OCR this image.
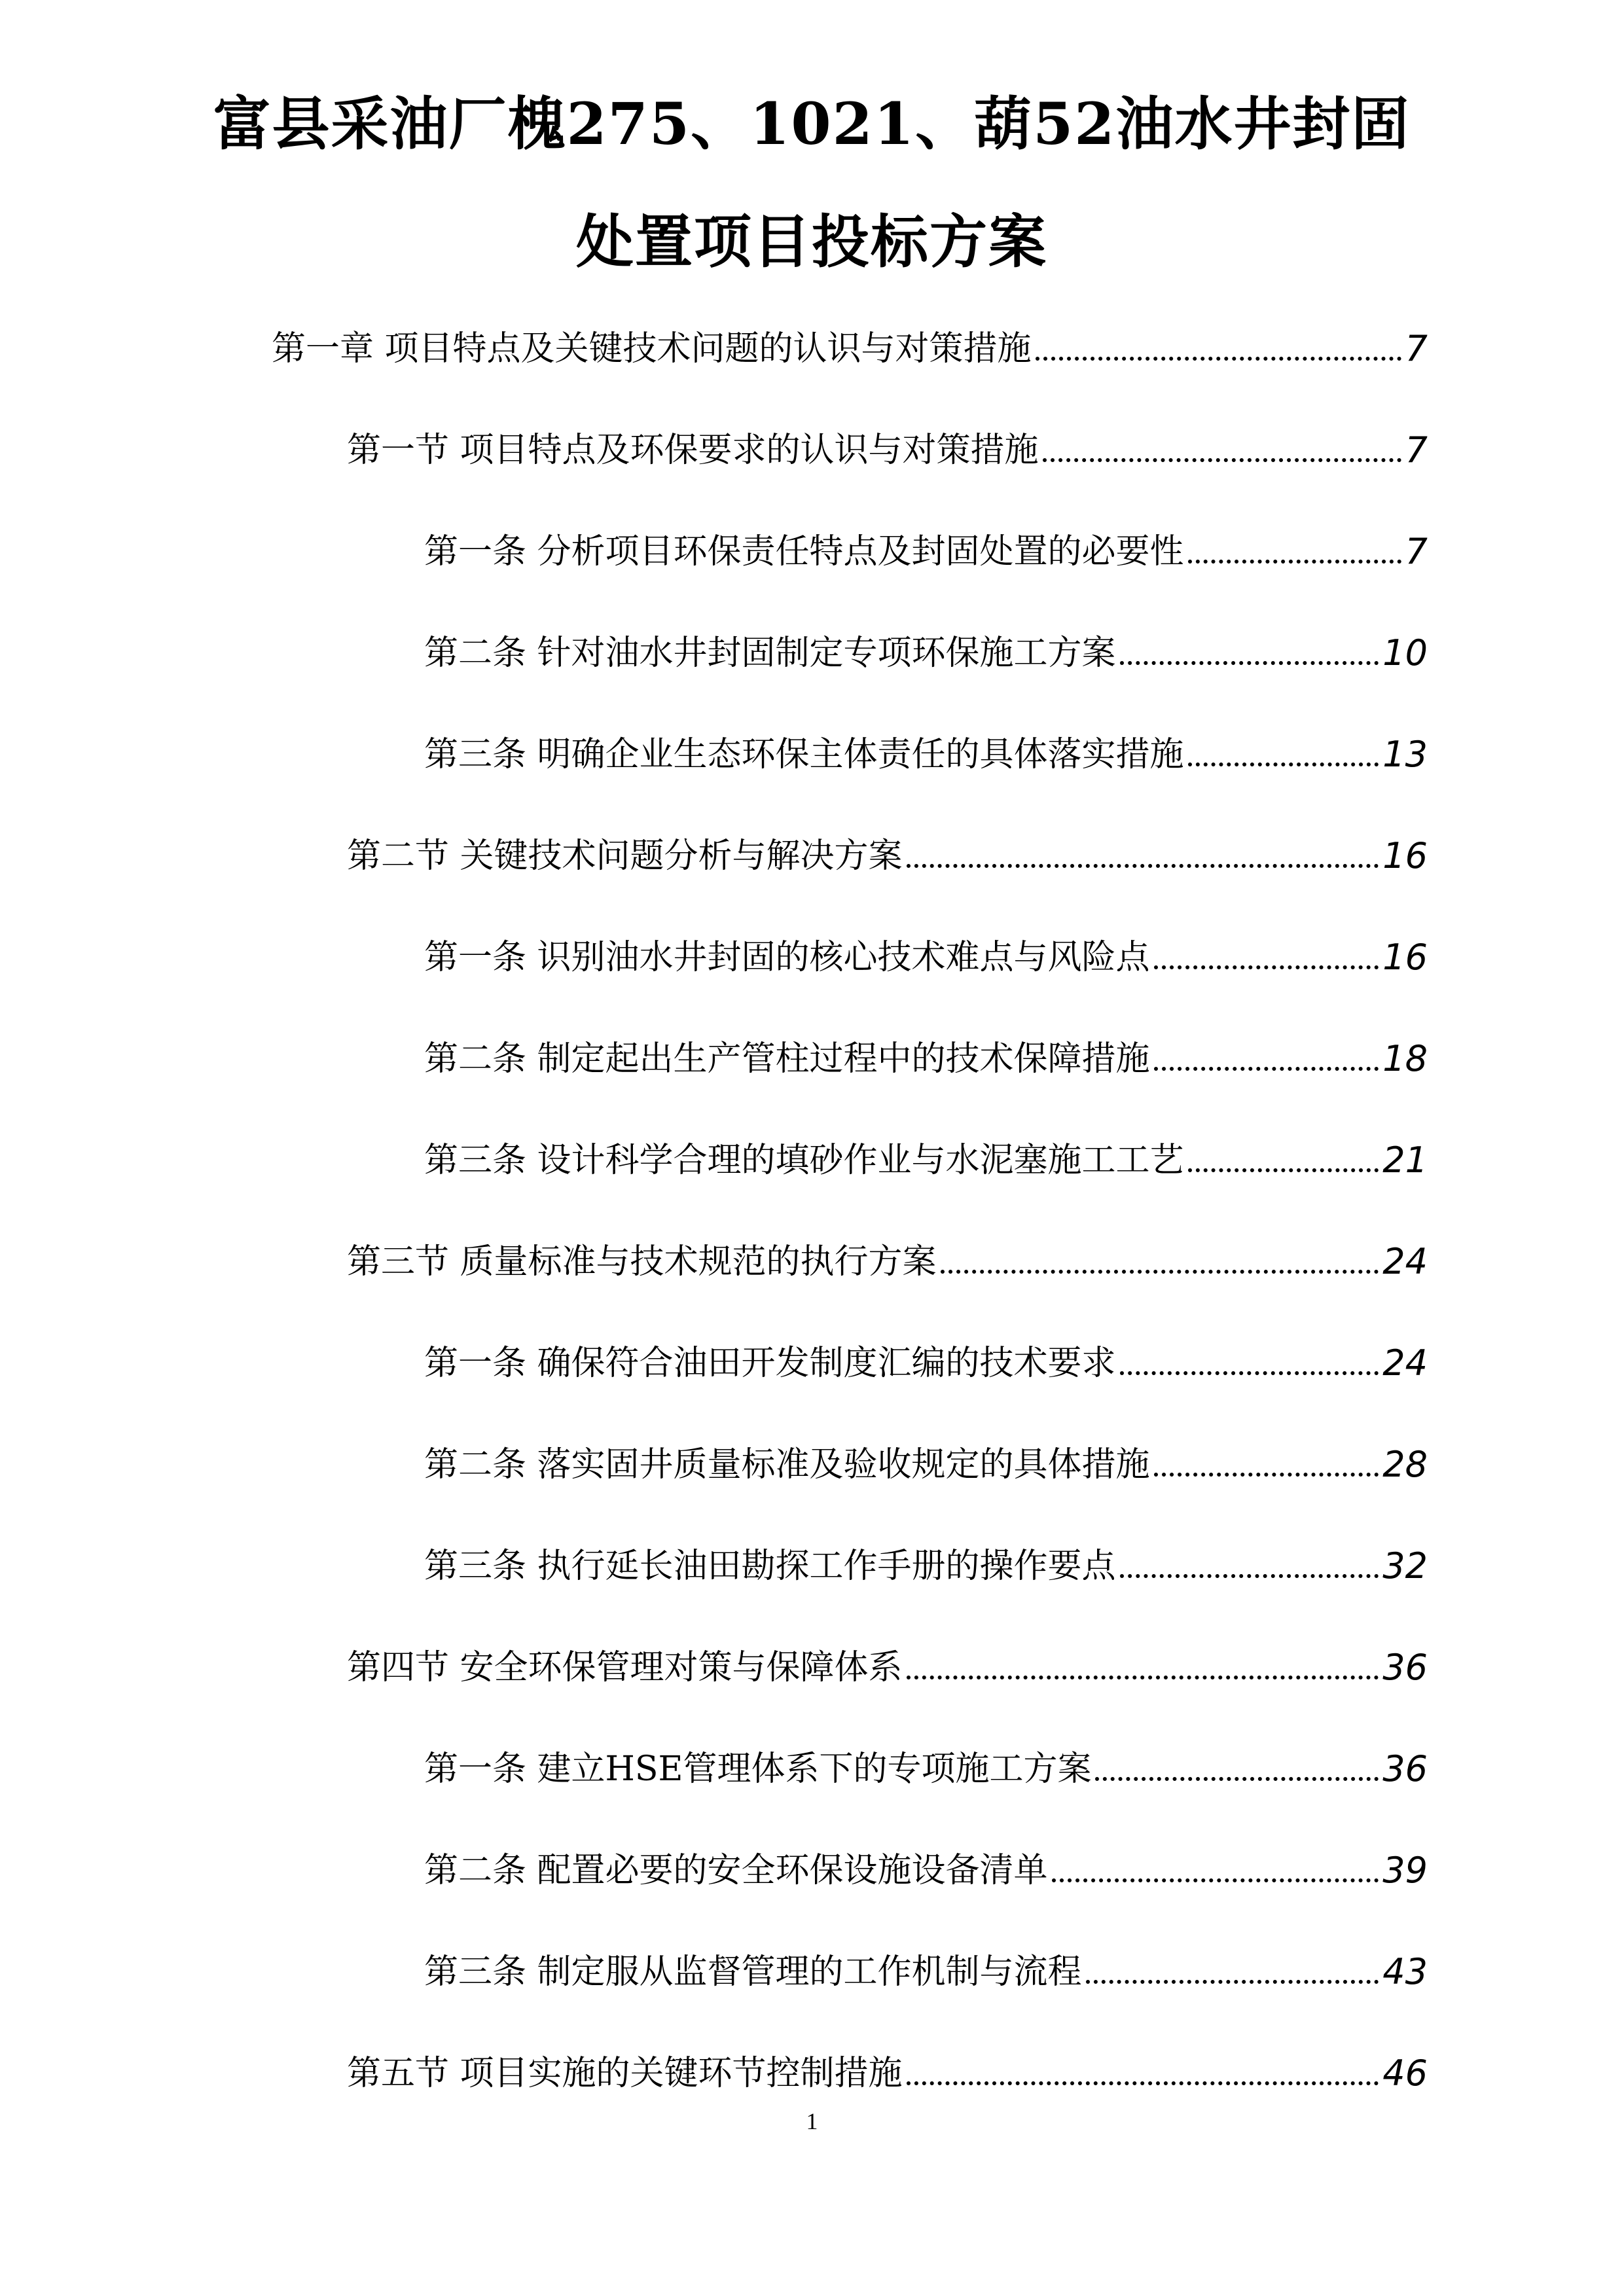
富县采油厂槐275、1021、葫52油水井封固
处置项目投标方案
第一章 项目特点及关键技术问题的认识与对策措施	7
第一节 项目特点及环保要求的认识与对策措施	7
第一条 分析项目环保责任特点及封固处置的必要性	7
第二条 针对油水井封固制定专项环保施工方案	10
第三条 明确企业生态环保主体责任的具体落实措施	13
第二节 关键技术问题分析与解决方案	16
第一条 识别油水井封固的核心技术难点与风险点	16
第二条 制定起出生产管柱过程中的技术保障措施	18
第三条 设计科学合理的填砂作业与水泥塞施工工艺	21
第三节 质量标准与技术规范的执行方案	24
第一条 确保符合油田开发制度汇编的技术要求	24
第二条 落实固井质量标准及验收规定的具体措施	28
第三条 执行延长油田勘探工作手册的操作要点	32
第四节 安全环保管理对策与保障体系	36
第一条 建立HSE管理体系下的专项施工方案	36
第二条 配置必要的安全环保设施设备清单	39
第三条 制定服从监督管理的工作机制与流程	43
第五节 项目实施的关键环节控制措施	46
1
